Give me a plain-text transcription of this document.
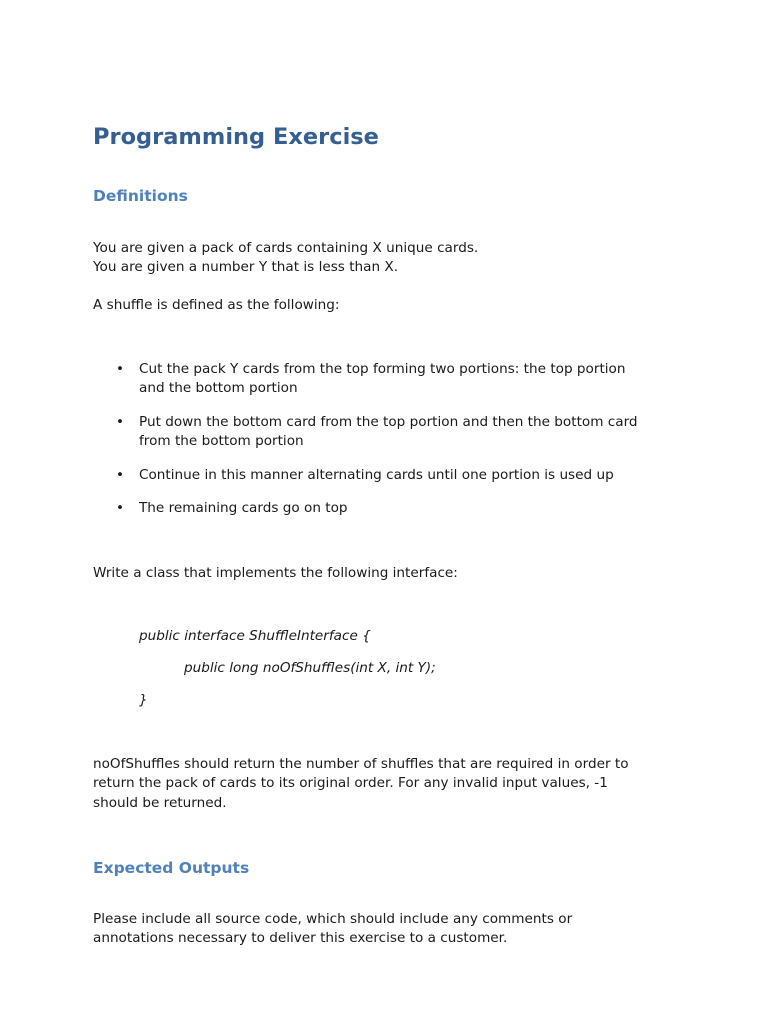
Programming Exercise
Definitions

You are given a pack of cards containing X unique cards.
You are given a number Y that is less than X.

A shuffle is defined as the following:

• Cut the pack Y cards from the top forming two portions: the top portion
and the bottom portion
• Put down the bottom card from the top portion and then the bottom card
from the bottom portion
• Continue in this manner alternating cards until one portion is used up
• The remaining cards go on top

Write a class that implements the following interface:

public interface ShuffleInterface {
public long noOfShuffles(int X, int Y);
}

noOfShuffles should return the number of shuffles that are required in order to
return the pack of cards to its original order. For any invalid input values, -1
should be returned.

Expected Outputs

Please include all source code, which should include any comments or
annotations necessary to deliver this exercise to a customer.
